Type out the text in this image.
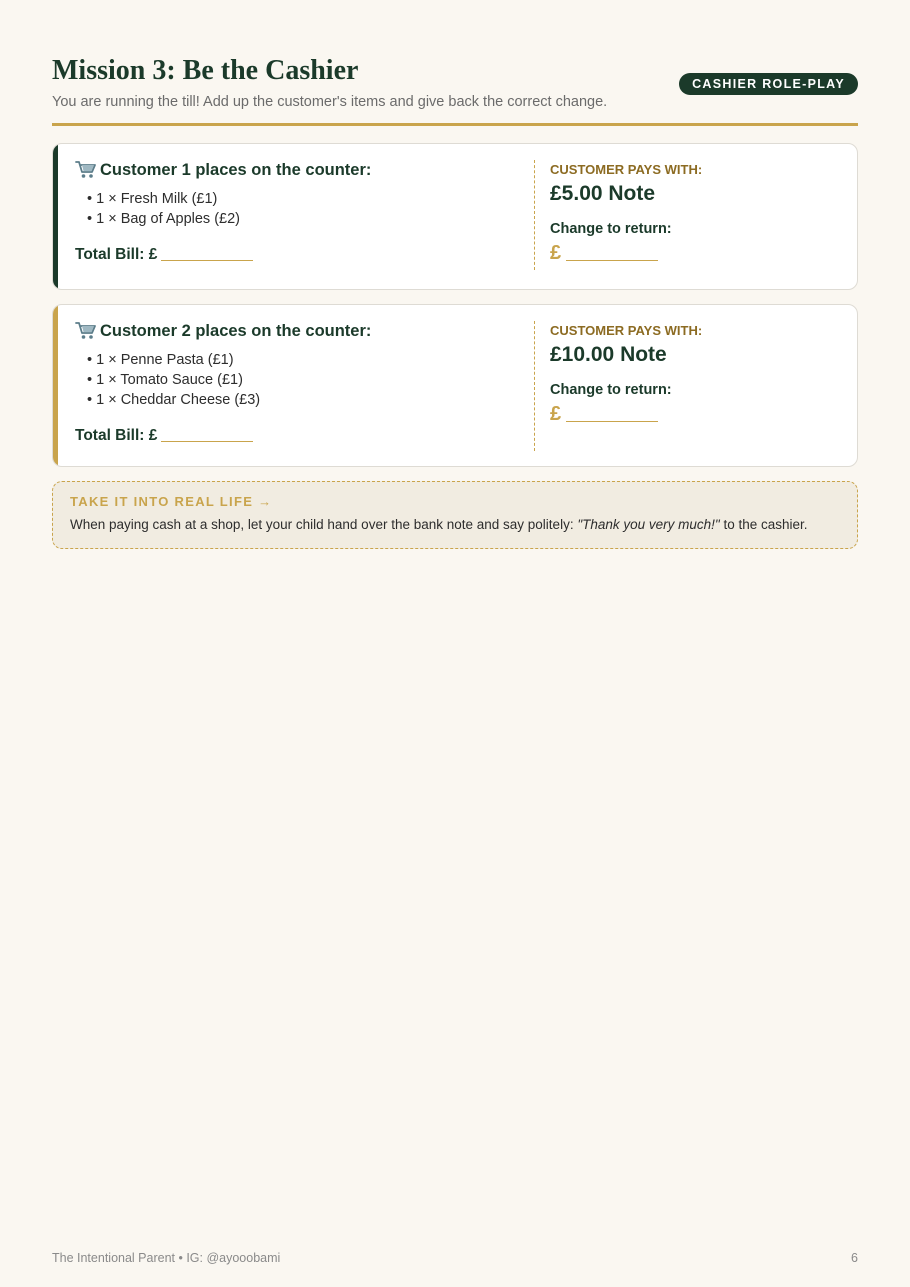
Mission 3: Be the Cashier

You are running the till! Add up the customer's items and give back the correct change.

CASHIER ROLE-PLAY
Customer 1 places on the counter:
• 1 × Fresh Milk (£1)
• 1 × Bag of Apples (£2)
Total Bill: £
CUSTOMER PAYS WITH:
£5.00 Note
Change to return:
£
Customer 2 places on the counter:
• 1 × Penne Pasta (£1)
• 1 × Tomato Sauce (£1)
• 1 × Cheddar Cheese (£3)
Total Bill: £
CUSTOMER PAYS WITH:
£10.00 Note
Change to return:
£
TAKE IT INTO REAL LIFE →

When paying cash at a shop, let your child hand over the bank note and say politely: "Thank you very much!" to the cashier.

The Intentional Parent • IG: @ayooobami	6
